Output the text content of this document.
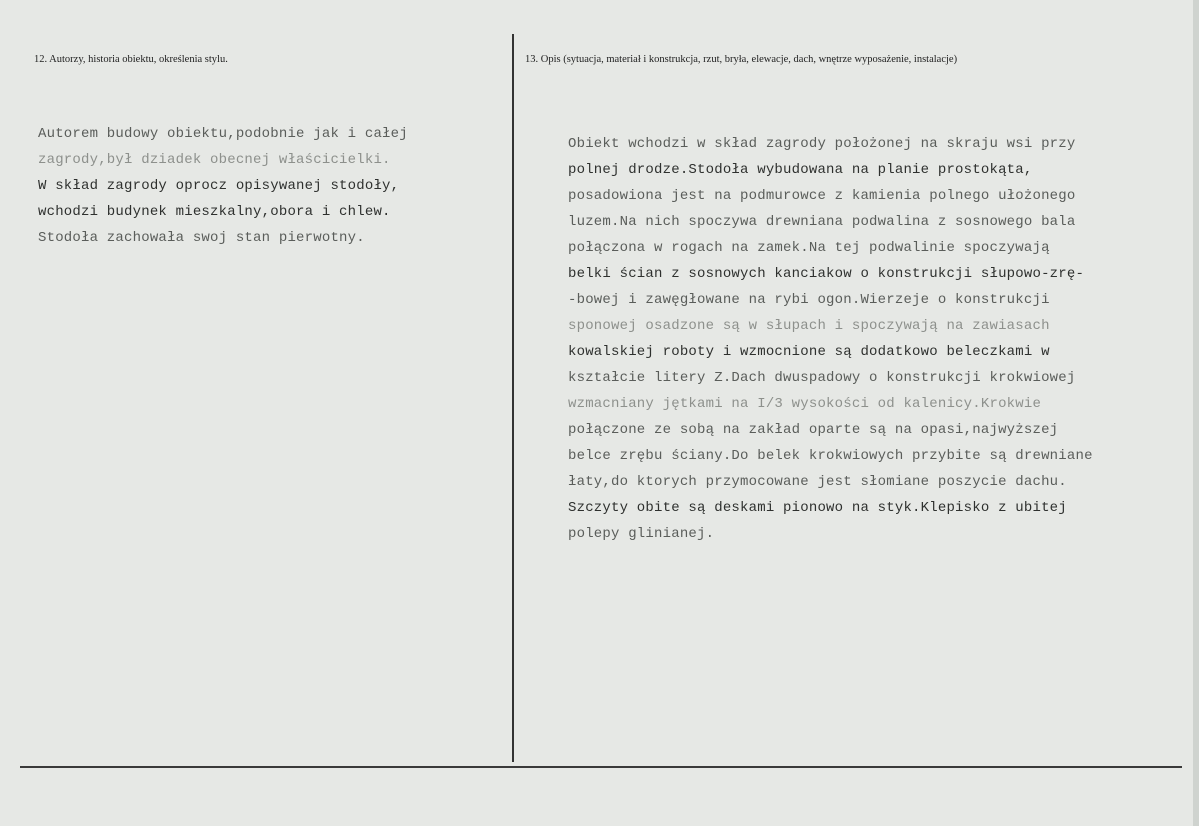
12. Autorzy, historia obiektu, określenia stylu.	13. Opis (sytuacja, materiał i konstrukcja, rzut, bryła, elewacje, dach, wnętrze wyposażenie, instalacje)
Autorem budowy obiektu,podobnie jak i całej
zagrody,był dziadek obecnej właścicielki.
W skład zagrody oprocz opisywanej stodoły,
wchodzi budynek mieszkalny,obora i chlew.
Stodoła zachowała swoj stan pierwotny.
Obiekt wchodzi w skład zagrody położonej na skraju wsi przy
polnej drodze.Stodoła wybudowana na planie prostokąta,
posadowiona jest na podmurowce z kamienia polnego ułożonego
luzem.Na nich spoczywa drewniana podwalina z sosnowego bala
połączona w rogach na zamek.Na tej podwalinie spoczywają
belki ścian z sosnowych kanciakow o konstrukcji słupowo-zrę-
-bowej i zawęgłowane na rybi ogon.Wierzeje o konstrukcji
sponowej osadzone są w słupach i spoczywają na zawiasach
kowalskiej roboty i wzmocnione są dodatkowo beleczkami w
kształcie litery Z.Dach dwuspadowy o konstrukcji krokwiowej
wzmacniany jętkami na I/3 wysokości od kalenicy.Krokwie
połączone ze sobą na zakład oparte są na opasi,najwyższej
belce zrębu ściany.Do belek krokwiowych przybite są drewniane
łaty,do ktorych przymocowane jest słomiane poszycie dachu.
Szczyty obite są deskami pionowo na styk.Klepisko z ubitej
polepy glinianej.
